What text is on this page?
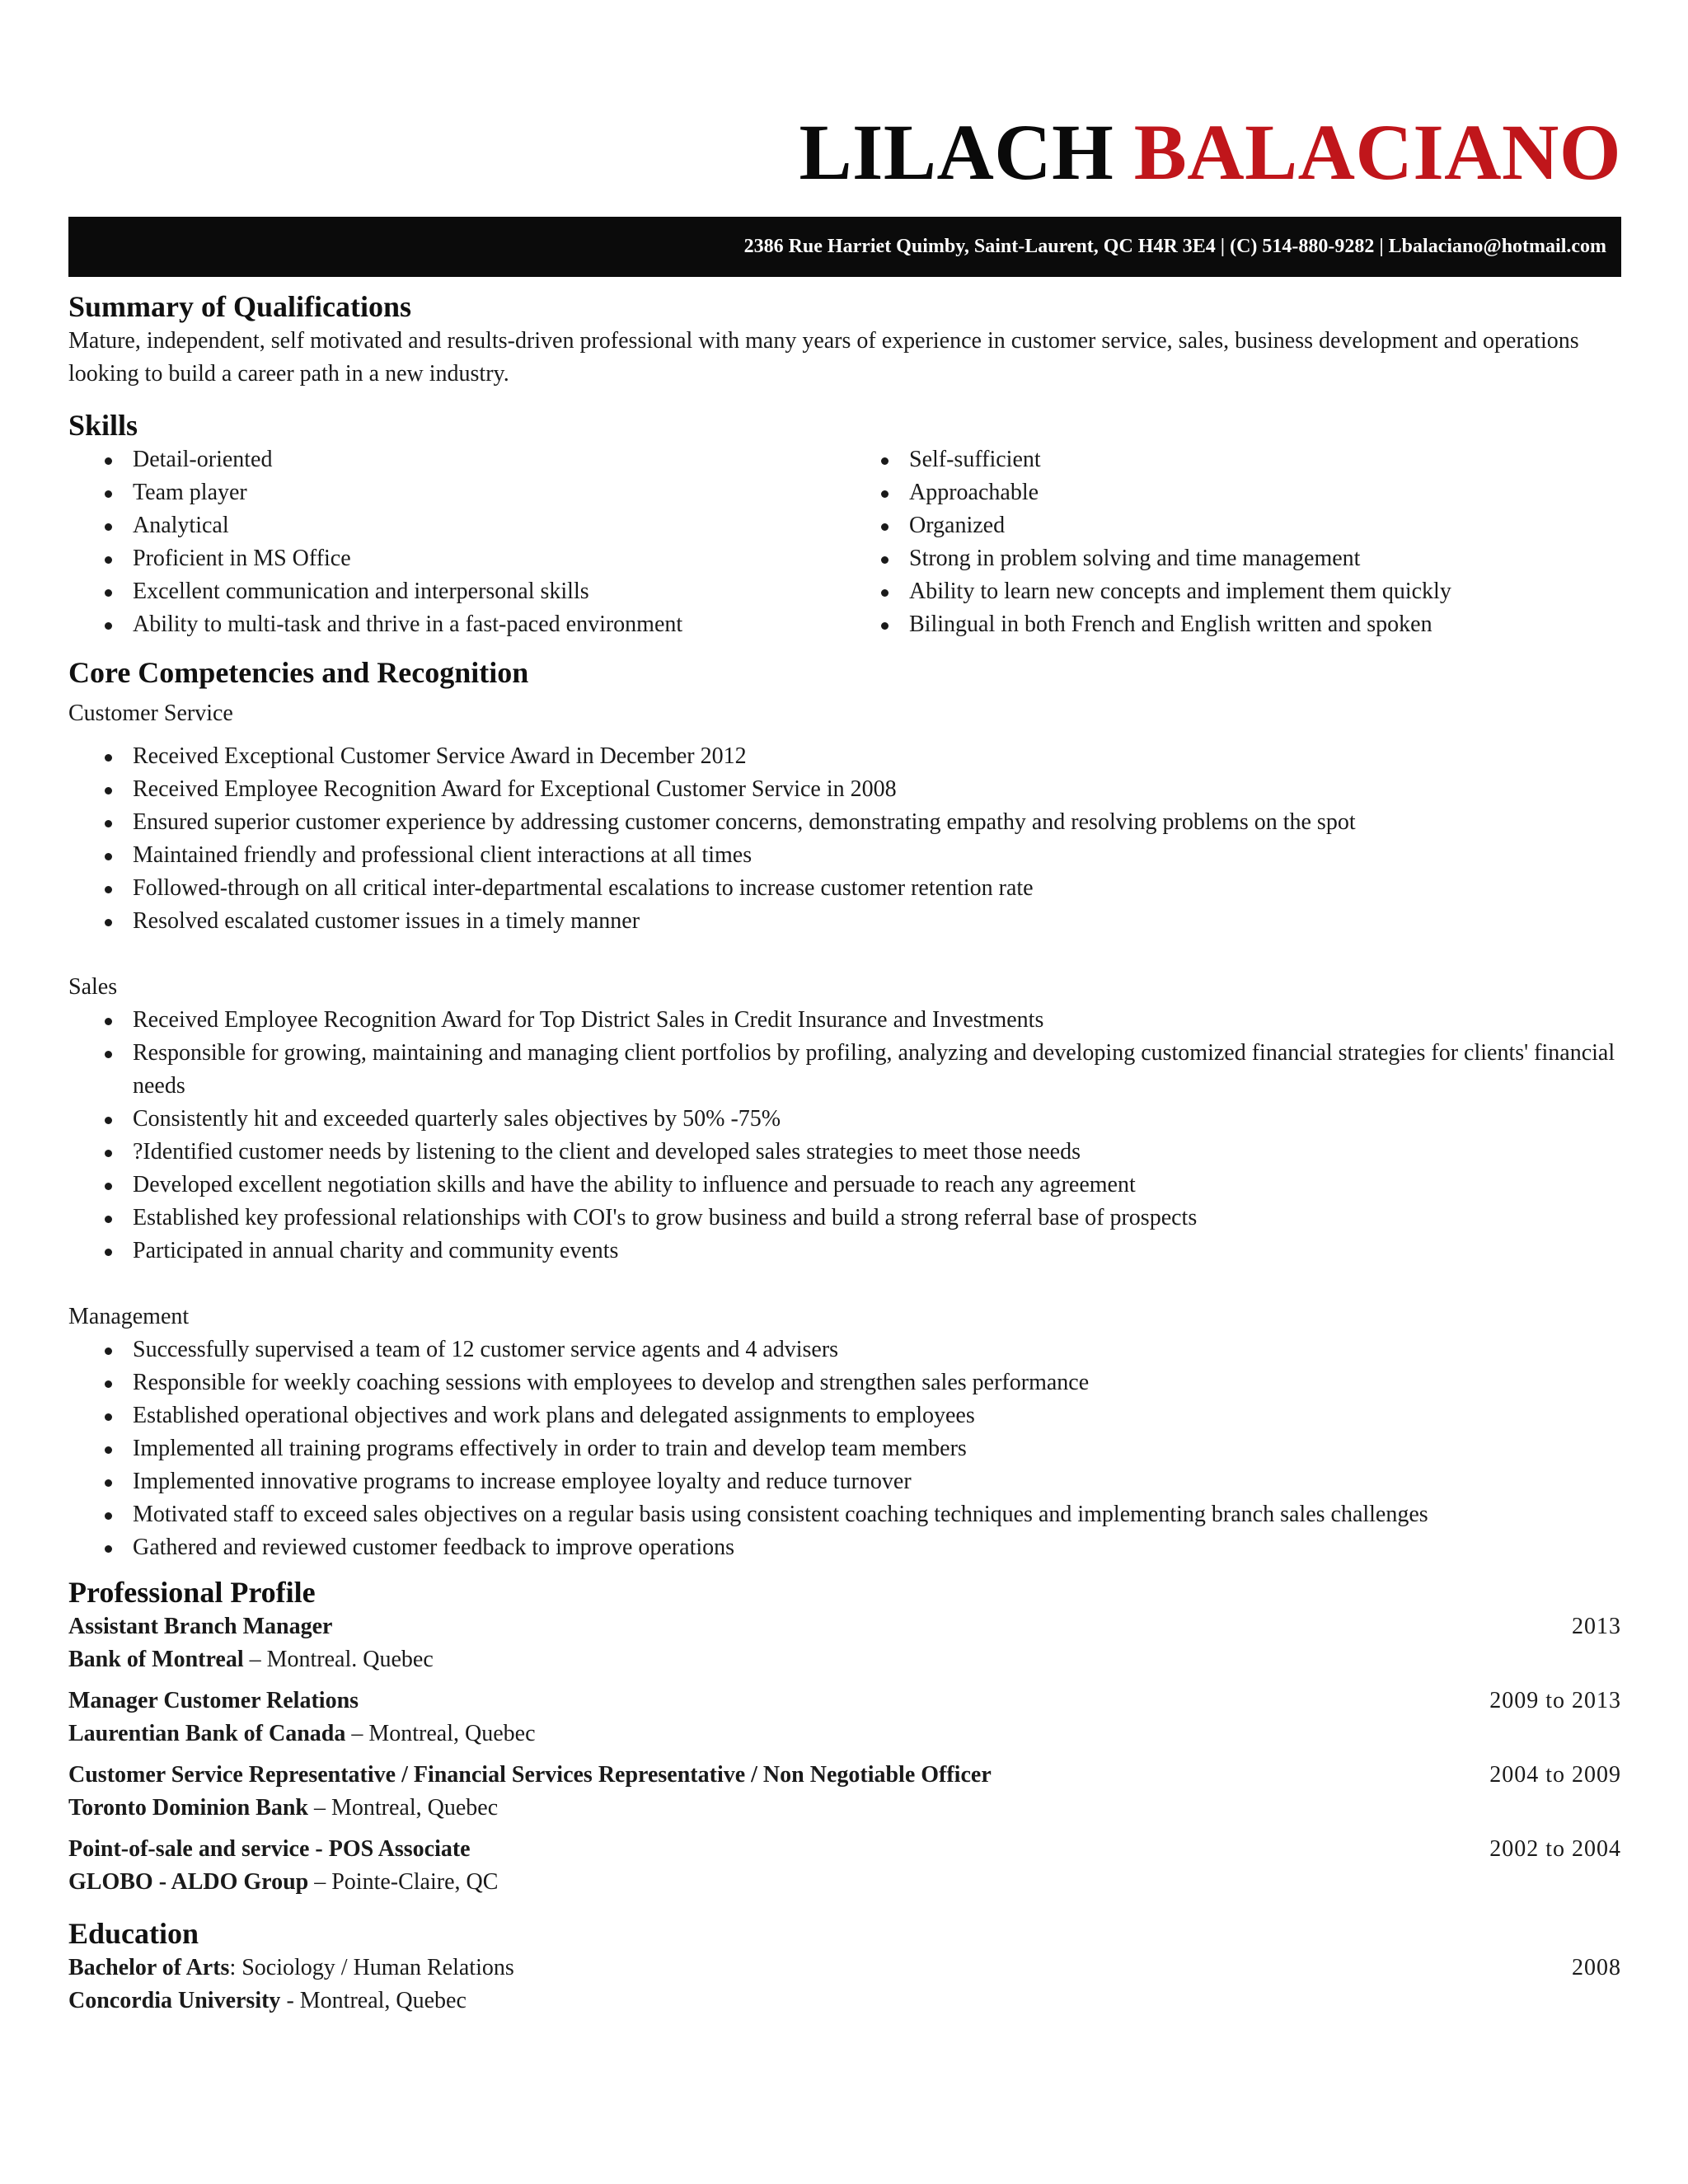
LILACH BALACIANO
2386 Rue Harriet Quimby, Saint-Laurent, QC H4R 3E4 | (C) 514-880-9282 | Lbalaciano@hotmail.com
Summary of Qualifications

Mature, independent, self motivated and results-driven professional with many years of experience in customer service, sales, business development and operations looking to build a career path in a new industry.

Skills
Detail-oriented
Team player
Analytical
Proficient in MS Office
Excellent communication and interpersonal skills
Ability to multi-task and thrive in a fast-paced environment
Self-sufficient
Approachable
Organized
Strong in problem solving and time management
Ability to learn new concepts and implement them quickly
Bilingual in both French and English written and spoken
Core Competencies and Recognition

Customer Service

Received Exceptional Customer Service Award in December 2012
Received Employee Recognition Award for Exceptional Customer Service in 2008
Ensured superior customer experience by addressing customer concerns, demonstrating empathy and resolving problems on the spot
Maintained friendly and professional client interactions at all times
Followed-through on all critical inter-departmental escalations to increase customer retention rate
Resolved escalated customer issues in a timely manner

Sales

Received Employee Recognition Award for Top District Sales in Credit Insurance and Investments
Responsible for growing, maintaining and managing client portfolios by profiling, analyzing and developing customized financial strategies for clients' financial needs
Consistently hit and exceeded quarterly sales objectives by 50% -75%
?Identified customer needs by listening to the client and developed sales strategies to meet those needs
Developed excellent negotiation skills and have the ability to influence and persuade to reach any agreement
Established key professional relationships with COI's to grow business and build a strong referral base of prospects
Participated in annual charity and community events

Management

Successfully supervised a team of 12 customer service agents and 4 advisers
Responsible for weekly coaching sessions with employees to develop and strengthen sales performance
Established operational objectives and work plans and delegated assignments to employees
Implemented all training programs effectively in order to train and develop team members
Implemented innovative programs to increase employee loyalty and reduce turnover
Motivated staff to exceed sales objectives on a regular basis using consistent coaching techniques and implementing branch sales challenges
Gathered and reviewed customer feedback to improve operations
Professional Profile
Assistant Branch Manager	2013
Bank of Montreal – Montreal. Quebec
Manager Customer Relations	2009 to 2013
Laurentian Bank of Canada – Montreal, Quebec
Customer Service Representative / Financial Services Representative / Non Negotiable Officer	2004 to 2009
Toronto Dominion Bank – Montreal, Quebec
Point-of-sale and service - POS Associate	2002 to 2004
GLOBO - ALDO Group – Pointe-Claire, QC
Education
Bachelor of Arts: Sociology / Human Relations	2008
Concordia University - Montreal, Quebec
